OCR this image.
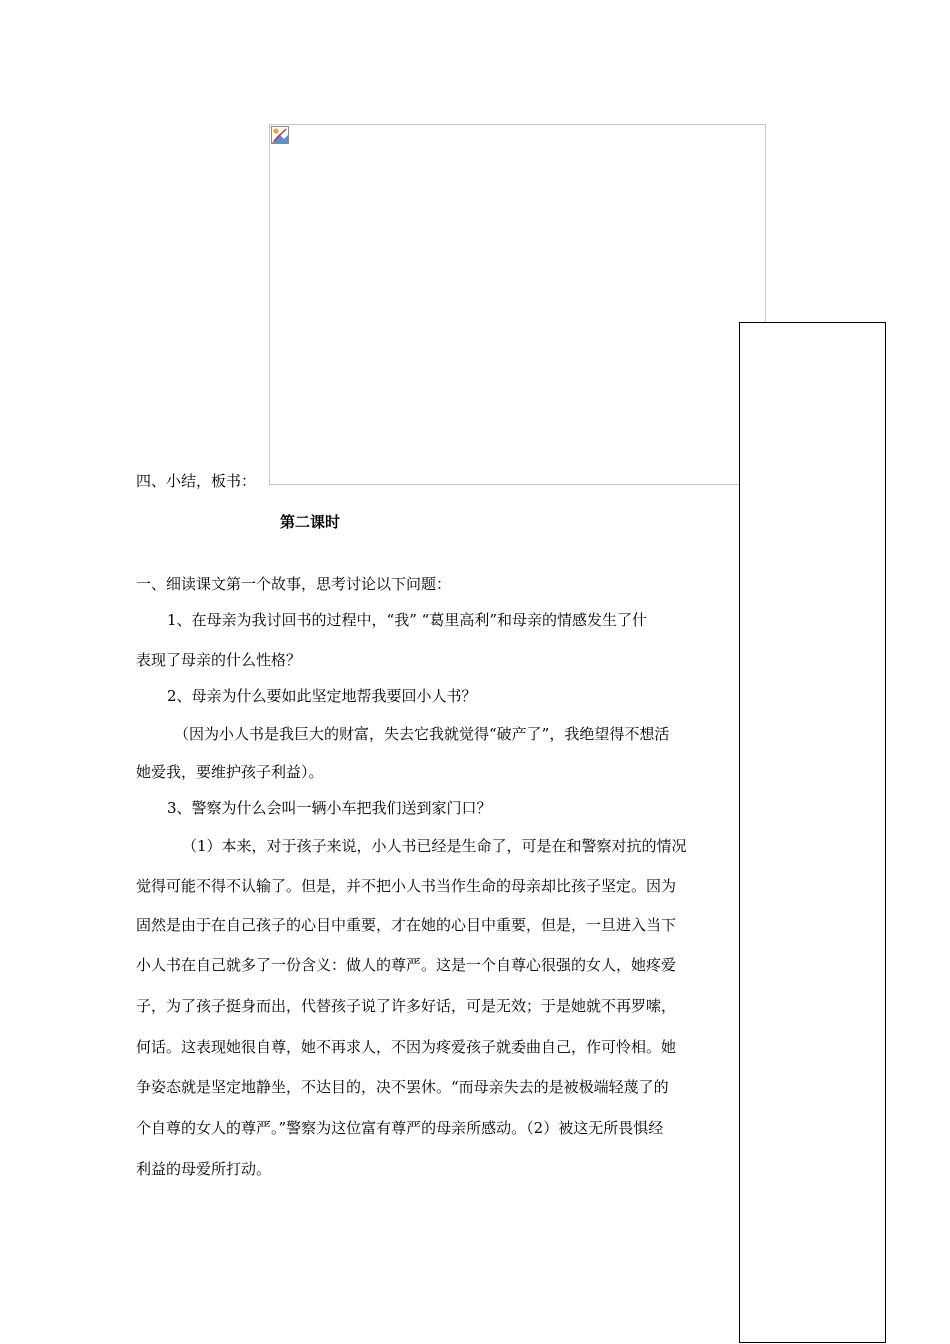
四、小结，板书：
第二课时
一、细读课文第一个故事，思考讨论以下问题：
1、在母亲为我讨回书的过程中，“我” “葛里高利”和母亲的情感发生了什
表现了母亲的什么性格？
2、母亲为什么要如此坚定地帮我要回小人书？
（因为小人书是我巨大的财富，失去它我就觉得“破产了”，我绝望得不想活
她爱我，要维护孩子利益）。
3、警察为什么会叫一辆小车把我们送到家门口？
（1）本来，对于孩子来说，小人书已经是生命了，可是在和警察对抗的情况
觉得可能不得不认输了。但是，并不把小人书当作生命的母亲却比孩子坚定。因为
固然是由于在自己孩子的心目中重要，才在她的心目中重要，但是，一旦进入当下
小人书在自己就多了一份含义：做人的尊严。这是一个自尊心很强的女人，她疼爱
子，为了孩子挺身而出，代替孩子说了许多好话，可是无效；于是她就不再罗嗦，
何话。这表现她很自尊，她不再求人，不因为疼爱孩子就委曲自己，作可怜相。她
争姿态就是坚定地静坐，不达目的，决不罢休。“而母亲失去的是被极端轻蔑了的
个自尊的女人的尊严。”警察为这位富有尊严的母亲所感动。（2）被这无所畏惧经
利益的母爱所打动。
